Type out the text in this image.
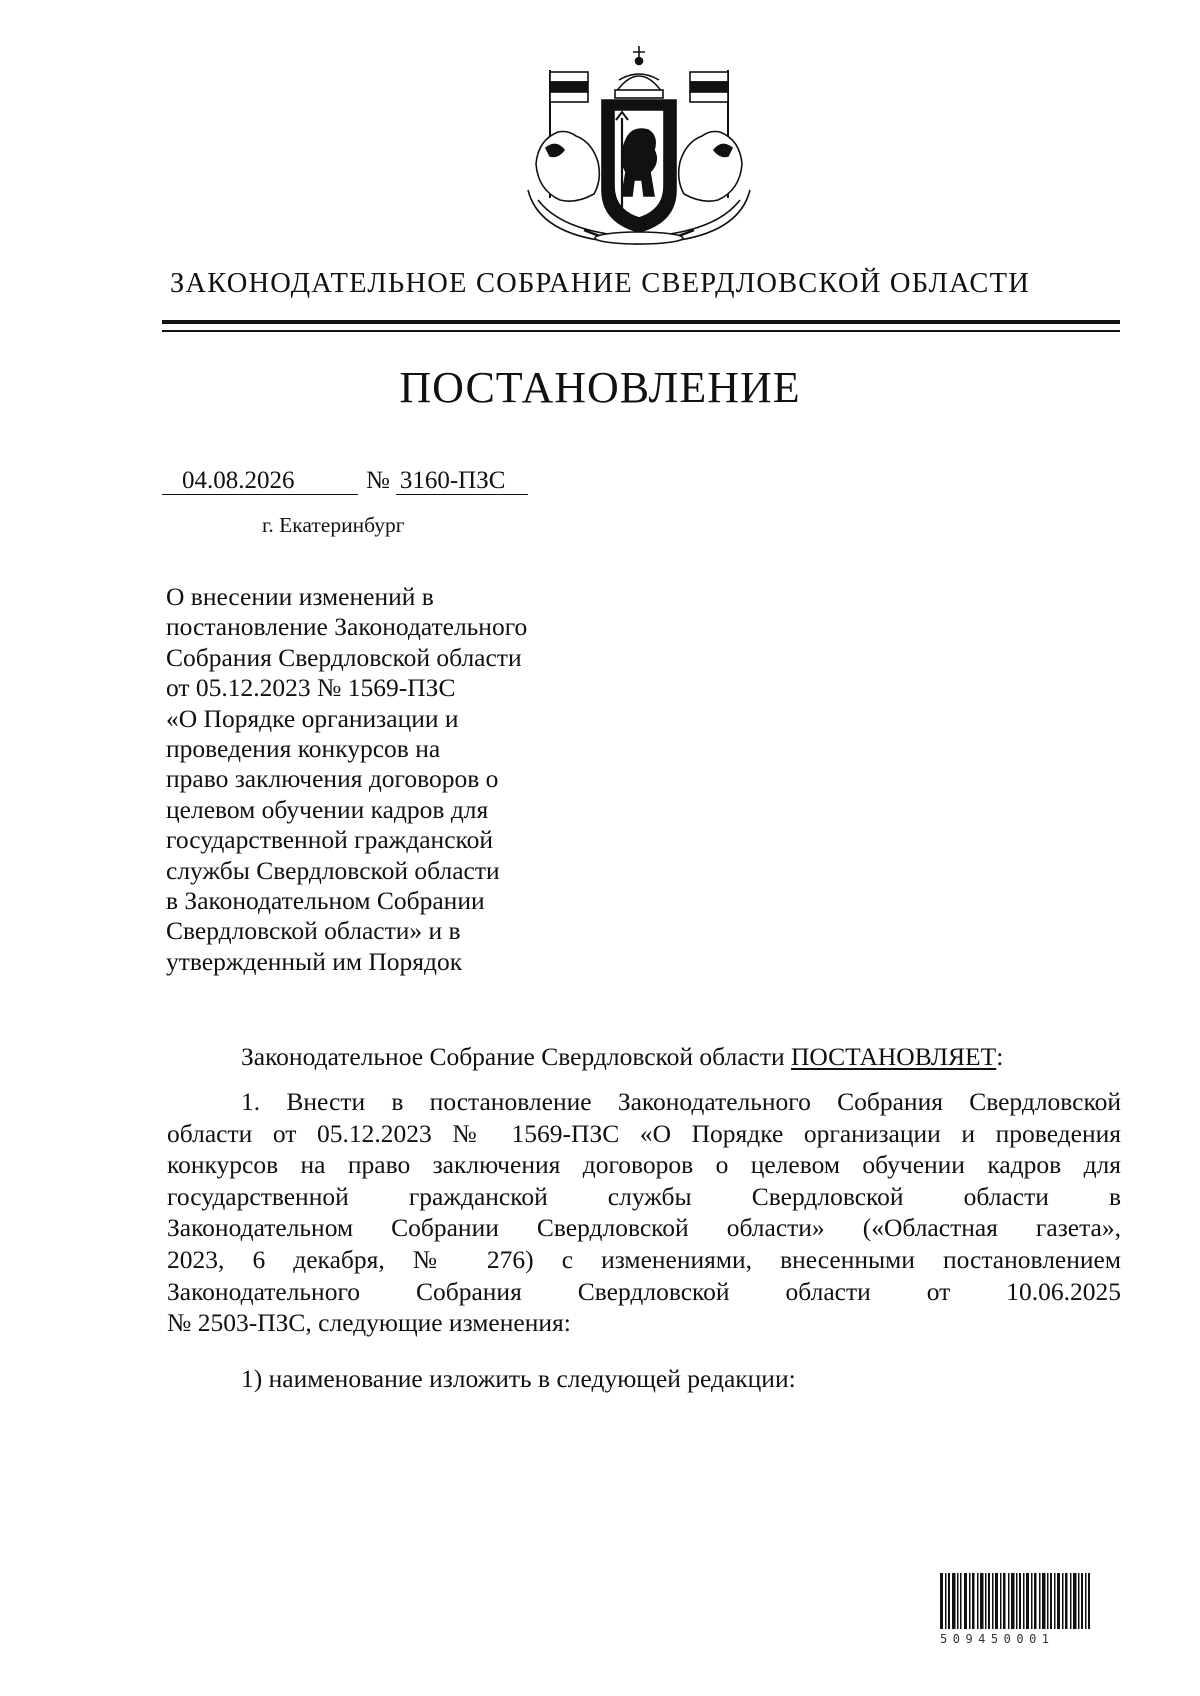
ЗАКОНОДАТЕЛЬНОЕ СОБРАНИЕ СВЕРДЛОВСКОЙ ОБЛАСТИ
ПОСТАНОВЛЕНИЕ
04.08.2026	№ 3160-ПЗС
г. Екатеринбург
О внесении изменений в
постановление Законодательного
Собрания Свердловской области
от 05.12.2023 № 1569-ПЗС
«О Порядке организации и
проведения конкурсов на
право заключения договоров о
целевом обучении кадров для
государственной гражданской
службы Свердловской области
в Законодательном Собрании
Свердловской области» и в
утвержденный им Порядок
Законодательное Собрание Свердловской области ПОСТАНОВЛЯЕТ:
1. Внести в постановление Законодательного Собрания Свердловской
области от 05.12.2023 № 1569-ПЗС «О Порядке организации и проведения
конкурсов на право заключения договоров о целевом обучении кадров для
государственной гражданской службы Свердловской области в
Законодательном Собрании Свердловской области» («Областная газета»,
2023, 6 декабря, № 276) с изменениями, внесенными постановлением
Законодательного Собрания Свердловской области от 10.06.2025
№ 2503-ПЗС, следующие изменения:
1) наименование изложить в следующей редакции:
509450001
